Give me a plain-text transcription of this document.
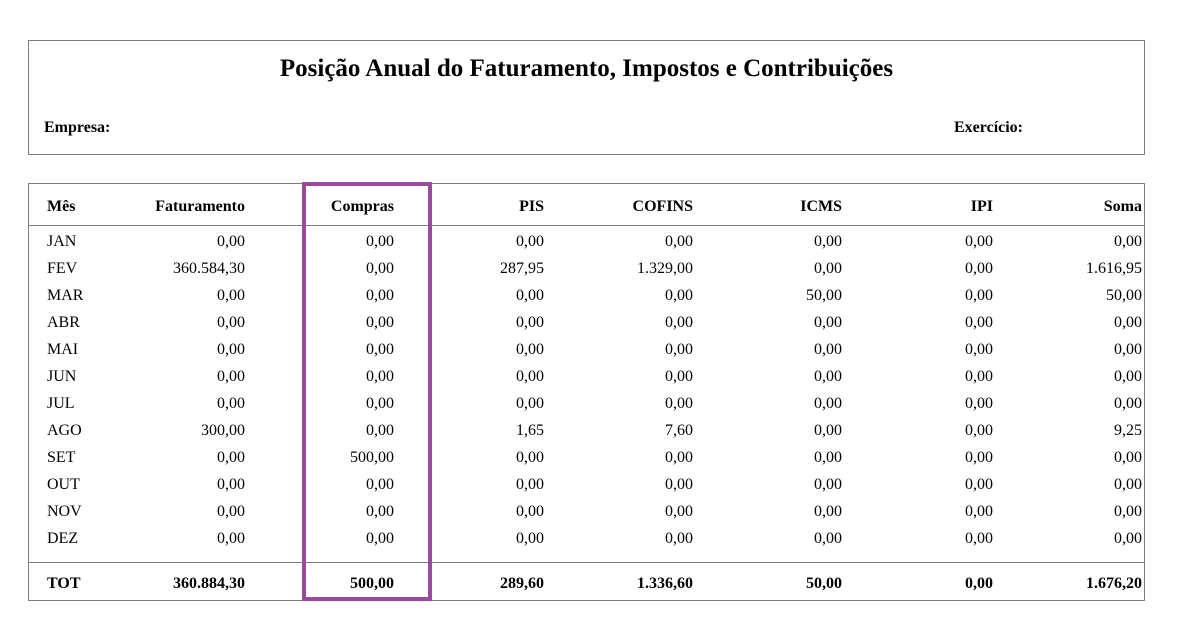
Posição Anual do Faturamento, Impostos e Contribuições
Empresa:	Exercício:
Mês	Faturamento	Compras	PIS	COFINS	ICMS	IPI	Soma
JAN	0,00	0,00	0,00	0,00	0,00	0,00	0,00
FEV	360.584,30	0,00	287,95	1.329,00	0,00	0,00	1.616,95
MAR	0,00	0,00	0,00	0,00	50,00	0,00	50,00
ABR	0,00	0,00	0,00	0,00	0,00	0,00	0,00
MAI	0,00	0,00	0,00	0,00	0,00	0,00	0,00
JUN	0,00	0,00	0,00	0,00	0,00	0,00	0,00
JUL	0,00	0,00	0,00	0,00	0,00	0,00	0,00
AGO	300,00	0,00	1,65	7,60	0,00	0,00	9,25
SET	0,00	500,00	0,00	0,00	0,00	0,00	0,00
OUT	0,00	0,00	0,00	0,00	0,00	0,00	0,00
NOV	0,00	0,00	0,00	0,00	0,00	0,00	0,00
DEZ	0,00	0,00	0,00	0,00	0,00	0,00	0,00
TOT	360.884,30	500,00	289,60	1.336,60	50,00	0,00	1.676,20
